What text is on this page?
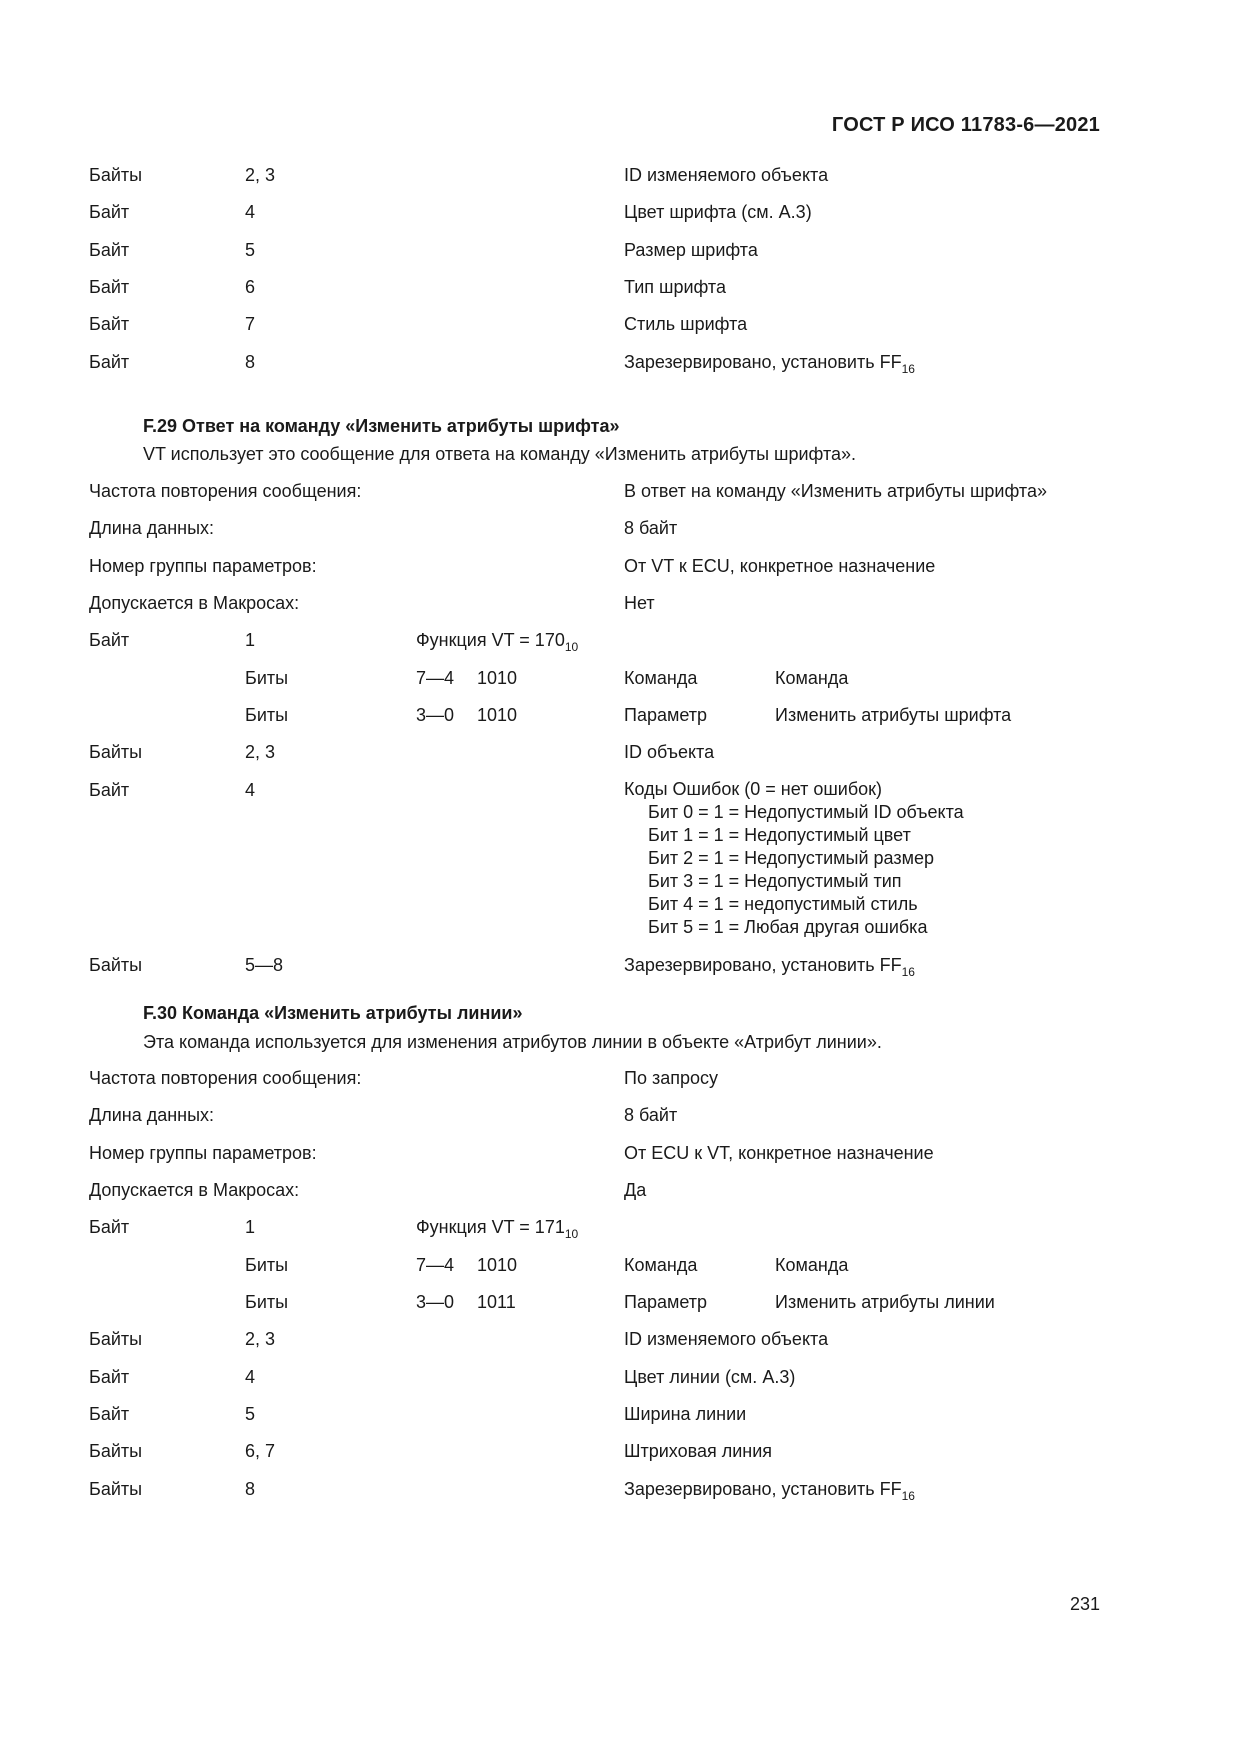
ГОСТ Р ИСО 11783-6—2021
Байты	2, 3	ID изменяемого объекта
Байт	4	Цвет шрифта (см. А.3)
Байт	5	Размер шрифта
Байт	6	Тип шрифта
Байт	7	Стиль шрифта
Байт	8	Зарезервировано, установить $FF_{16}$
F.29 Ответ на команду «Изменить атрибуты шрифта»
VT использует это сообщение для ответа на команду «Изменить атрибуты шрифта».
Частота повторения сообщения:	В ответ на команду «Изменить атрибуты шрифта»
Длина данных:	8 байт
Номер группы параметров:	От VT к ECU, конкретное назначение
Допускается в Макросах:	Нет
Байт	1	Функция VT = $170_{10}$
Биты	7—4 1010	Команда	Команда
Биты	3—0 1010	Параметр	Изменить атрибуты шрифта
Байты	2, 3	ID объекта
Байт	4	Коды Ошибок (0 = нет ошибок)
Бит 0 = 1 = Недопустимый ID объекта
Бит 1 = 1 = Недопустимый цвет
Бит 2 = 1 = Недопустимый размер
Бит 3 = 1 = Недопустимый тип
Бит 4 = 1 = недопустимый стиль
Бит 5 = 1 = Любая другая ошибка
Байты	5—8	Зарезервировано, установить $FF_{16}$
F.30 Команда «Изменить атрибуты линии»
Эта команда используется для изменения атрибутов линии в объекте «Атрибут линии».
Частота повторения сообщения:	По запросу
Длина данных:	8 байт
Номер группы параметров:	От ECU к VT, конкретное назначение
Допускается в Макросах:	Да
Байт	1	Функция VT = $171_{10}$
Биты	7—4 1010	Команда	Команда
Биты	3—0 1011	Параметр	Изменить атрибуты линии
Байты	2, 3	ID изменяемого объекта
Байт	4	Цвет линии (см. А.3)
Байт	5	Ширина линии
Байты	6, 7	Штриховая линия
Байты	8	Зарезервировано, установить $FF_{16}$
231
